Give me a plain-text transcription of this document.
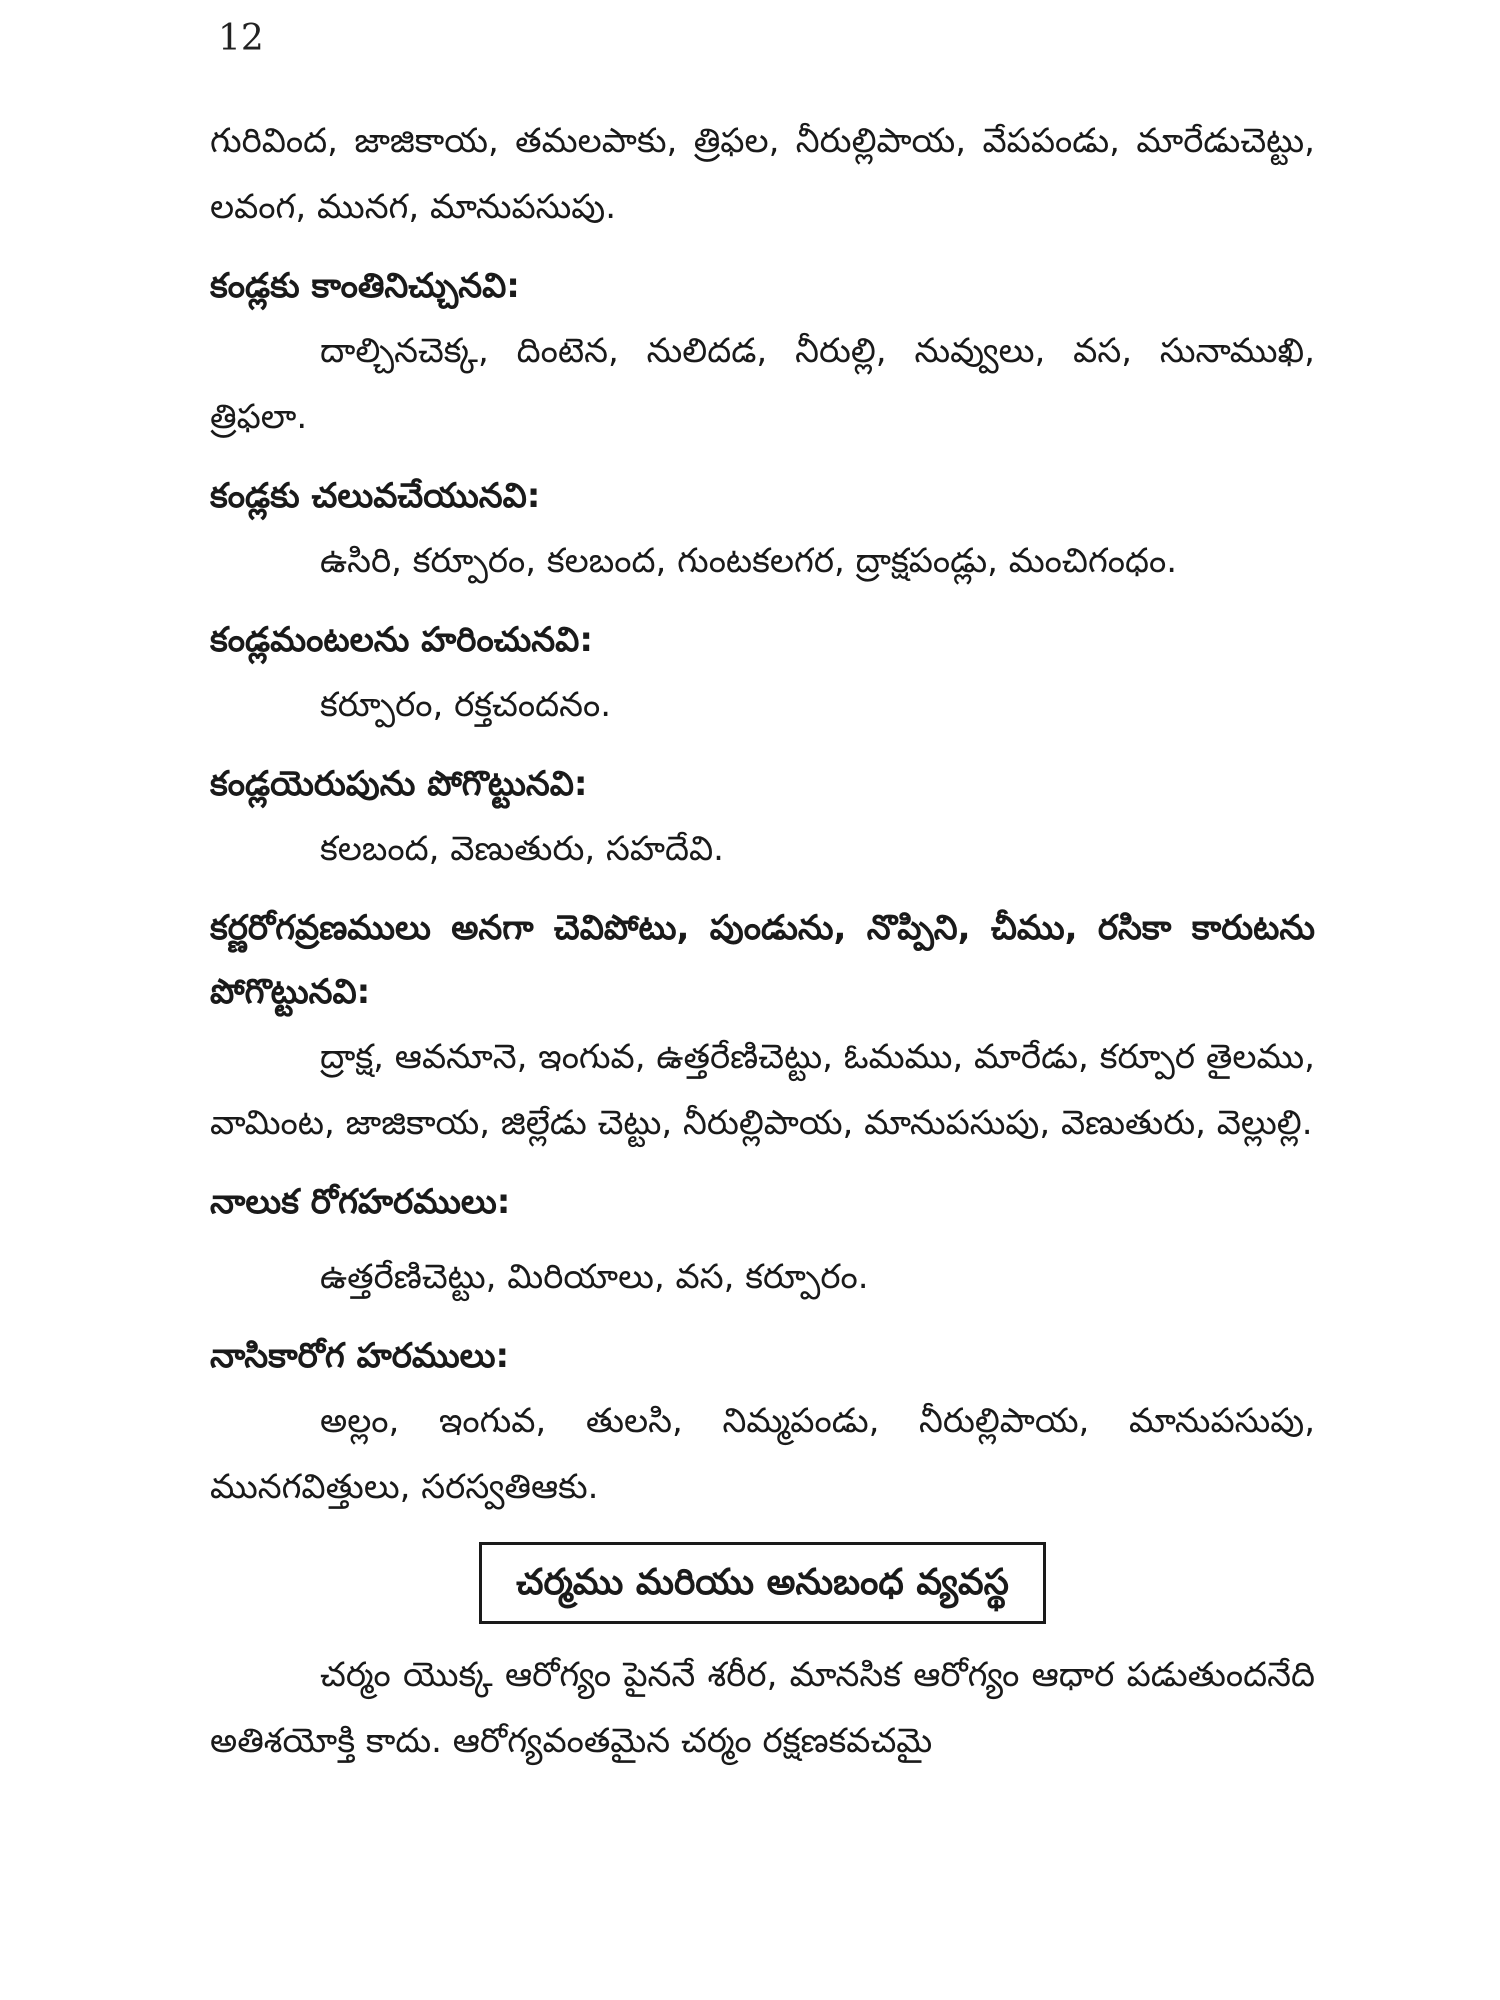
12
గురివింద, జాజికాయ, తమలపాకు, త్రిఫల, నీరుల్లిపాయ, వేపపండు, మారేడుచెట్టు, లవంగ, మునగ, మానుపసుపు.
కండ్లకు కాంతినిచ్చునవి:
దాల్చినచెక్క, దింటెన, నులిదడ, నీరుల్లి, నువ్వులు, వస, సునాముఖి, త్రిఫలా.
కండ్లకు చలువచేయునవి:
ఉసిరి, కర్పూరం, కలబంద, గుంటకలగర, ద్రాక్షపండ్లు, మంచిగంధం.
కండ్లమంటలను హరించునవి:
కర్పూరం, రక్తచందనం.
కండ్లయెరుపును పోగొట్టునవి:
కలబంద, వెణుతురు, సహదేవి.
కర్ణరోగవ్రణములు అనగా చెవిపోటు, పుండును, నొప్పిని, చీము, రసికా కారుటను పోగొట్టునవి:
ద్రాక్ష, ఆవనూనె, ఇంగువ, ఉత్తరేణిచెట్టు, ఓమము, మారేడు, కర్పూర తైలము, వామింట, జాజికాయ, జిల్లేడు చెట్టు, నీరుల్లిపాయ, మానుపసుపు, వెణుతురు, వెల్లుల్లి.
నాలుక రోగహరములు:
ఉత్తరేణిచెట్టు, మిరియాలు, వస, కర్పూరం.
నాసికారోగ హరములు:
అల్లం, ఇంగువ, తులసి, నిమ్మపండు, నీరుల్లిపాయ, మానుపసుపు, మునగవిత్తులు, సరస్వతిఆకు.
చర్మము మరియు అనుబంధ వ్యవస్థ
చర్మం యొక్క ఆరోగ్యం పైననే శరీర, మానసిక ఆరోగ్యం ఆధార పడుతుందనేది అతిశయోక్తి కాదు. ఆరోగ్యవంతమైన చర్మం రక్షణకవచమై
